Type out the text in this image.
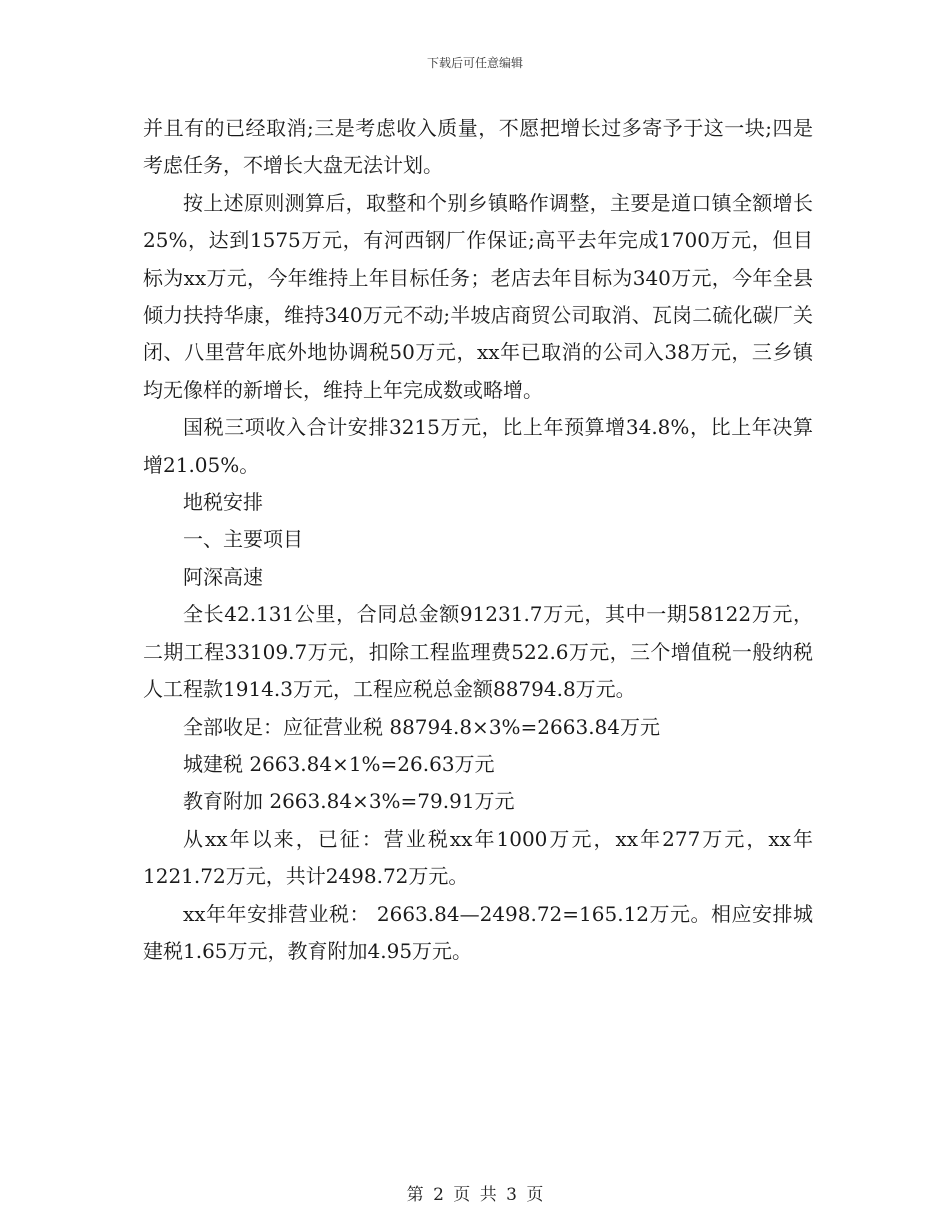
下载后可任意编辑

并且有的已经取消;三是考虑收入质量，不愿把增长过多寄予于这一块;四是考虑任务，不增长大盘无法计划。

按上述原则测算后，取整和个别乡镇略作调整，主要是道口镇全额增长25%，达到1575万元，有河西钢厂作保证;高平去年完成1700万元，但目标为xx万元，今年维持上年目标任务；老店去年目标为340万元，今年全县倾力扶持华康，维持340万元不动;半坡店商贸公司取消、瓦岗二硫化碳厂关闭、八里营年底外地协调税50万元，xx年已取消的公司入38万元，三乡镇均无像样的新增长，维持上年完成数或略增。

国税三项收入合计安排3215万元，比上年预算增34.8%，比上年决算增21.05%。

地税安排

一、主要项目

阿深高速

全长42.131公里，合同总金额91231.7万元，其中一期58122万元，二期工程33109.7万元，扣除工程监理费522.6万元，三个增值税一般纳税人工程款1914.3万元，工程应税总金额88794.8万元。

全部收足：应征营业税 88794.8×3%=2663.84万元

城建税 2663.84×1%=26.63万元

教育附加 2663.84×3%=79.91万元

从xx年以来，已征：营业税xx年1000万元，xx年277万元，xx年1221.72万元，共计2498.72万元。

xx年年安排营业税： 2663.84—2498.72=165.12万元。相应安排城建税1.65万元，教育附加4.95万元。

第 2 页 共 3 页
